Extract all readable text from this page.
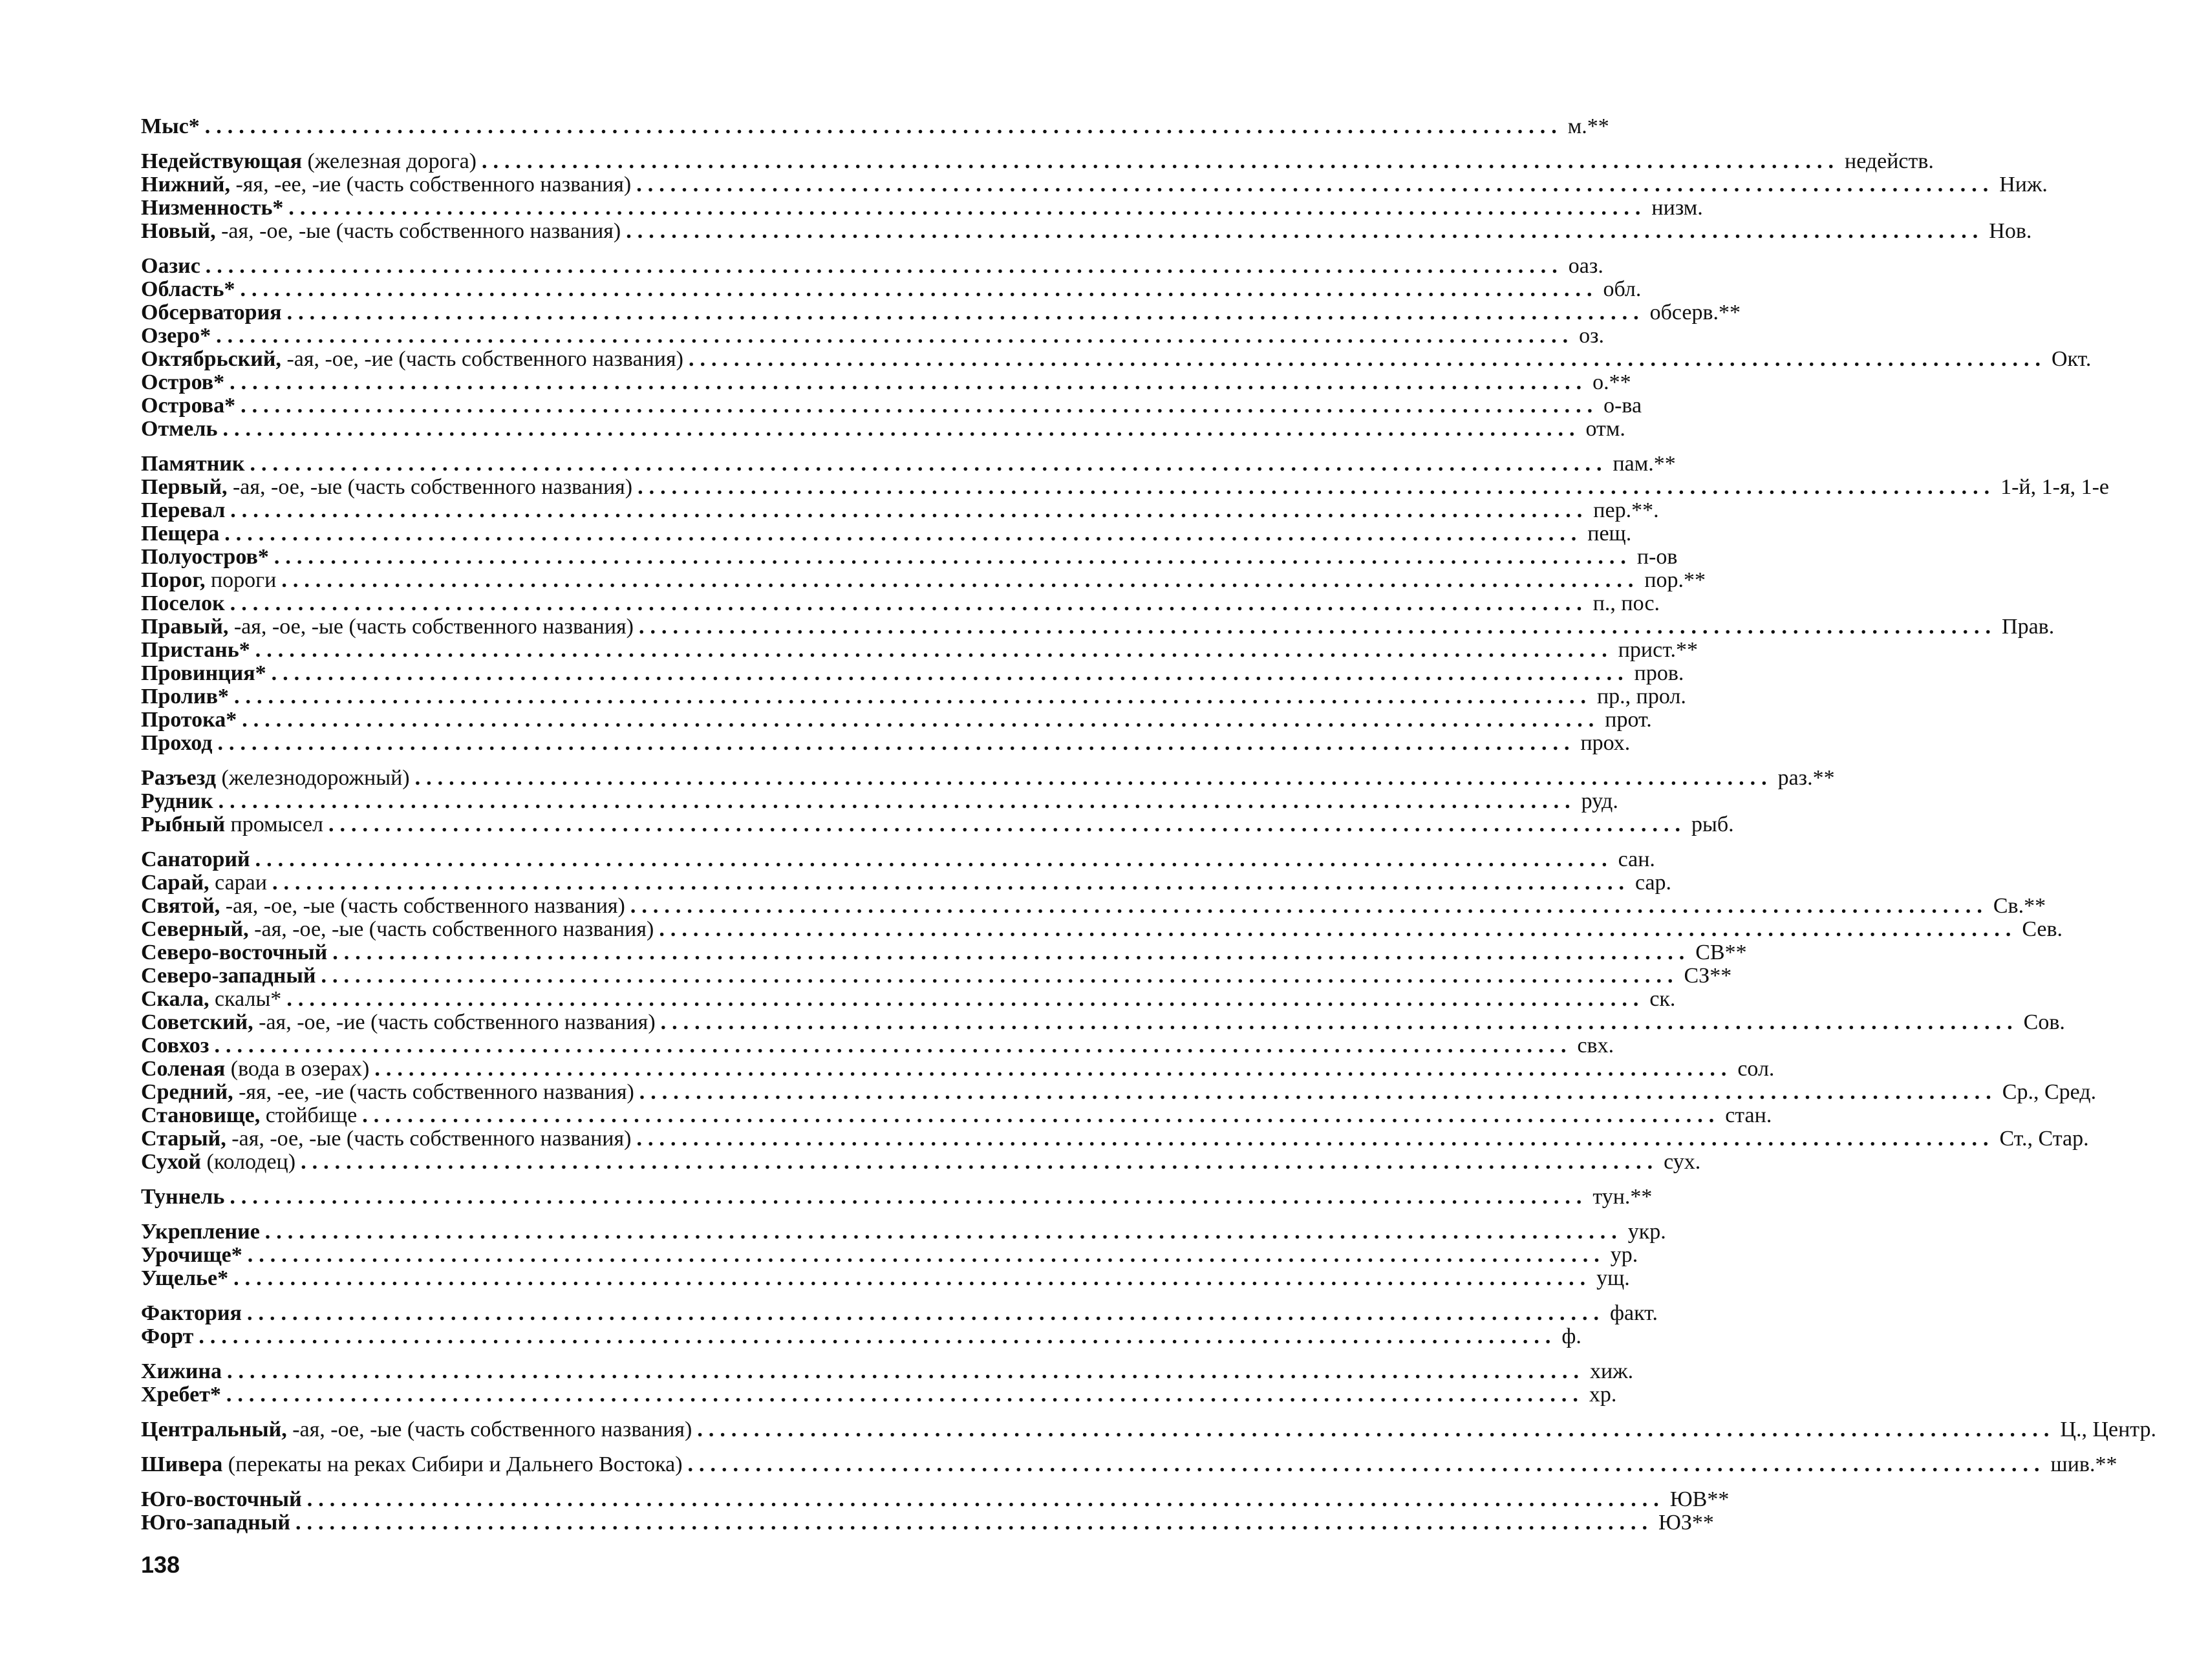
Мыс* ........................................................................................................................ м.**
Недействующая (железная дорога) ........................................................................................................................ недейств.
Нижний, -яя, -ее, -ие (часть собственного названия) ........................................................................................................................ Ниж.
Низменность* ........................................................................................................................ низм.
Новый, -ая, -ое, -ые (часть собственного названия) ........................................................................................................................ Нов.
Оазис ........................................................................................................................ оаз.
Область* ........................................................................................................................ обл.
Обсерватория ........................................................................................................................ обсерв.**
Озеро* ........................................................................................................................ оз.
Октябрьский, -ая, -ое, -ие (часть собственного названия) ........................................................................................................................ Окт.
Остров* ........................................................................................................................ о.**
Острова* ........................................................................................................................ о-ва
Отмель ........................................................................................................................ отм.
Памятник ........................................................................................................................ пам.**
Первый, -ая, -ое, -ые (часть собственного названия) ........................................................................................................................ 1-й, 1-я, 1-е
Перевал ........................................................................................................................ пер.**.
Пещера ........................................................................................................................ пещ.
Полуостров* ........................................................................................................................ п-ов
Порог, пороги ........................................................................................................................ пор.**
Поселок ........................................................................................................................ п., пос.
Правый, -ая, -ое, -ые (часть собственного названия) ........................................................................................................................ Прав.
Пристань* ........................................................................................................................ прист.**
Провинция* ........................................................................................................................ пров.
Пролив* ........................................................................................................................ пр., прол.
Протока* ........................................................................................................................ прот.
Проход ........................................................................................................................ прох.
Разъезд (железнодорожный) ........................................................................................................................ раз.**
Рудник ........................................................................................................................ руд.
Рыбный промысел ........................................................................................................................ рыб.
Санаторий ........................................................................................................................ сан.
Сарай, сараи ........................................................................................................................ сар.
Святой, -ая, -ое, -ые (часть собственного названия) ........................................................................................................................ Св.**
Северный, -ая, -ое, -ые (часть собственного названия) ........................................................................................................................ Сев.
Северо-восточный ........................................................................................................................ СВ**
Северо-западный ........................................................................................................................ СЗ**
Скала, скалы* ........................................................................................................................ ск.
Советский, -ая, -ое, -ие (часть собственного названия) ........................................................................................................................ Сов.
Совхоз ........................................................................................................................ свх.
Соленая (вода в озерах) ........................................................................................................................ сол.
Средний, -яя, -ее, -ие (часть собственного названия) ........................................................................................................................ Ср., Сред.
Становище, стойбище ........................................................................................................................ стан.
Старый, -ая, -ое, -ые (часть собственного названия) ........................................................................................................................ Ст., Стар.
Сухой (колодец) ........................................................................................................................ сух.
Туннель ........................................................................................................................ тун.**
Укрепление ........................................................................................................................ укр.
Урочище* ........................................................................................................................ ур.
Ущелье* ........................................................................................................................ ущ.
Фактория ........................................................................................................................ факт.
Форт ........................................................................................................................ ф.
Хижина ........................................................................................................................ хиж.
Хребет* ........................................................................................................................ хр.
Центральный, -ая, -ое, -ые (часть собственного названия) ........................................................................................................................ Ц., Центр.
Шивера (перекаты на реках Сибири и Дальнего Востока) ........................................................................................................................ шив.**
Юго-восточный ........................................................................................................................ ЮВ**
Юго-западный ........................................................................................................................ ЮЗ**
138
